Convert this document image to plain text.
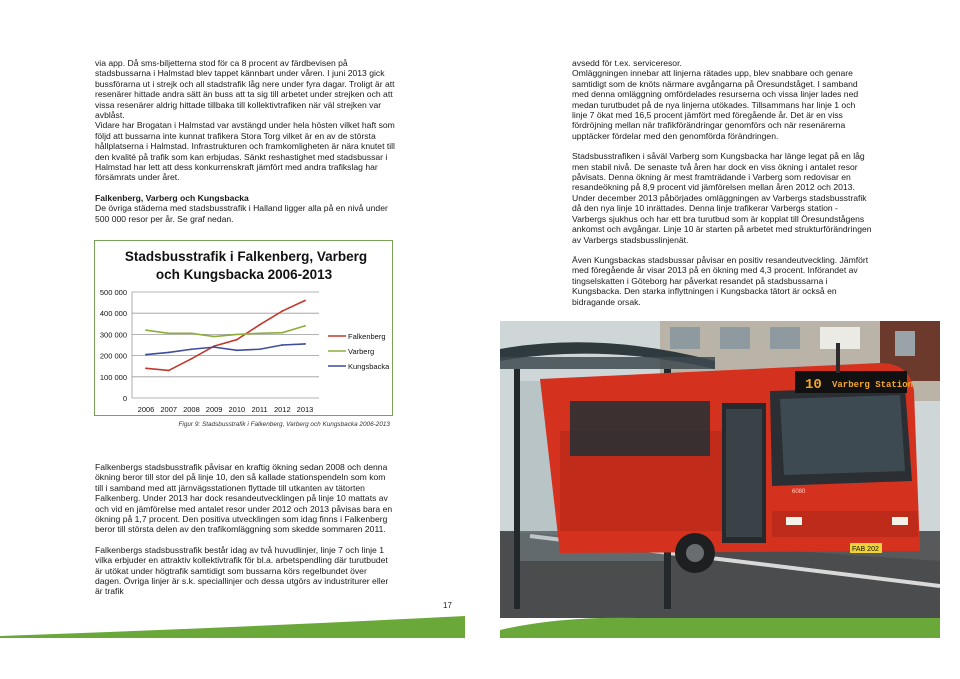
via app. Då sms-biljetterna stod för ca 8 procent av färdbevisen på stadsbussarna i Halmstad blev tappet kännbart under våren. I juni 2013 gick bussförarna ut i strejk och all stadstrafik låg nere under fyra dagar. Troligt är att resenärer hittade andra sätt än buss att ta sig till arbetet under strejken och att vissa resenärer aldrig hittade tillbaka till kollektivtrafiken när väl strejken var avblåst.

Vidare har Brogatan i Halmstad var avstängd under hela hösten vilket haft som följd att bussarna inte kunnat trafikera Stora Torg vilket är en av de största hållplatserna i Halmstad. Infrastrukturen och framkomligheten är nära knutet till den kvalité på trafik som kan erbjudas. Sänkt reshastighet med stadsbussar i Halmstad har lett att dess konkurrenskraft jämfört med andra trafikslag har försämrats under året.

Falkenberg, Varberg och Kungsbacka

De övriga städerna med stadsbusstrafik i Halland ligger alla på en nivå under 500 000 resor per år. Se graf nedan.

Stadsbusstrafik i Falkenberg, Varberg
och Kungsbacka 2006-2013
0
100 000
200 000
300 000
400 000
500 000
2006 2007 2008 2009 2010 2011 2012 2013
Falkenberg
Varberg
Kungsbacka
Figur 9: Stadsbusstrafik i Falkenberg, Varberg och Kungsbacka 2006-2013

Falkenbergs stadsbusstrafik påvisar en kraftig ökning sedan 2008 och denna ökning beror till stor del på linje 10, den så kallade stationspendeln som kom till i samband med att järnvägsstationen flyttade till utkanten av tätorten Falkenberg. Under 2013 har dock resandeutvecklingen på linje 10 mattats av och vid en jämförelse med antalet resor under 2012 och 2013 påvisas bara en ökning på 1,7 procent. Den positiva utvecklingen som idag finns i Falkenberg beror till största delen av den trafikomläggning som skedde sommaren 2011.

Falkenbergs stadsbusstrafik består idag av två huvudlinjer, linje 7 och linje 1 vilka erbjuder en attraktiv kollektivtrafik för bl.a. arbetspendling där turutbudet är utökat under högtrafik samtidigt som bussarna körs regelbundet över dagen. Övriga linjer är s.k. speciallinjer och dessa utgörs av industriturer eller är trafik

avsedd för t.ex. serviceresor.

Omläggningen innebar att linjerna rätades upp, blev snabbare och genare samtidigt som de knöts närmare avgångarna på Öresundståget. I samband med denna omläggning omfördelades resurserna och vissa linjer lades ned medan turutbudet på de nya linjerna utökades. Tillsammans har linje 1 och linje 7 ökat med 16,5 procent jämfört med föregående år. Det är en viss fördröjning mellan när trafikförändringar genomförs och när resenärerna upptäcker fördelar med den genomförda förändringen.

Stadsbusstrafiken i såväl Varberg som Kungsbacka har länge legat på en låg men stabil nivå. De senaste två åren har dock en viss ökning i antalet resor påvisats. Denna ökning är mest framträdande i Varberg som redovisar en resandeökning på 8,9 procent vid jämförelsen mellan åren 2012 och 2013. Under december 2013 påbörjades omläggningen av Varbergs stadsbusstrafik då den nya linje 10 inrättades. Denna linje trafikerar Varbergs station - Varbergs sjukhus och har ett bra turutbud som är kopplat till Öresundstågens ankomst och avgångar. Linje 10 är starten på arbetet med strukturförändringen av Varbergs stadsbusslinjenät.

Även Kungsbackas stadsbussar påvisar en positiv resandeutveckling. Jämfört med föregående år visar 2013 på en ökning med 4,3 procent. Införandet av tingselskatten i Göteborg har påverkat resandet på stadsbussarna i Kungsbacka. Den starka inflyttningen i Kungsbacka tätort är också en bidragande orsak.

10 Varberg Station
6080
FAB 202
17
